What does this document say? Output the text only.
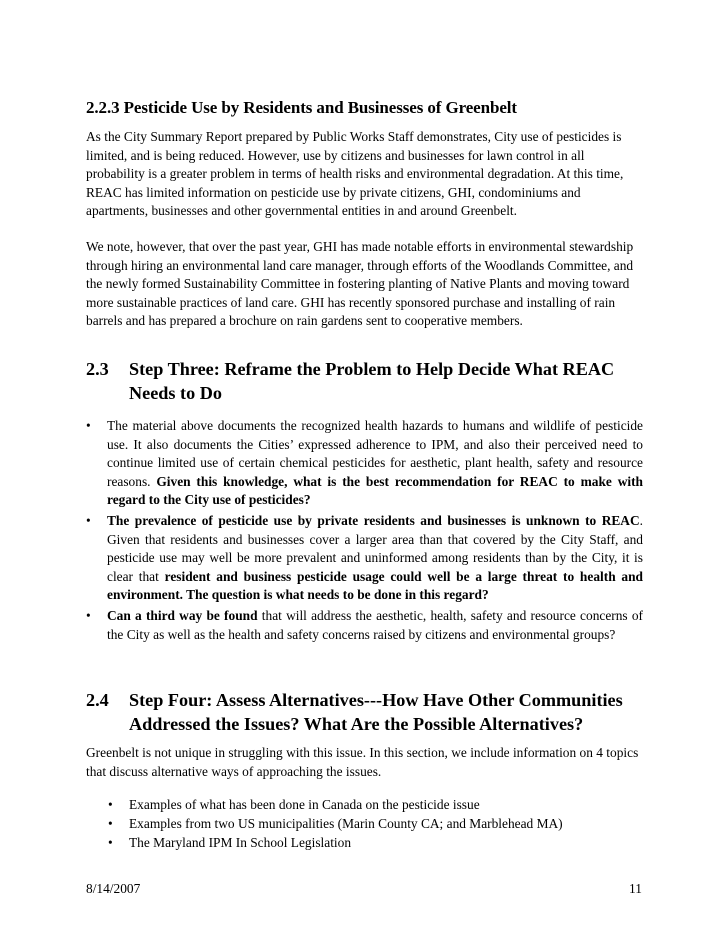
2.2.3 Pesticide Use by Residents and Businesses of Greenbelt
As the City Summary Report prepared by Public Works Staff demonstrates, City use of pesticides is limited, and is being reduced. However, use by citizens and businesses for lawn control in all probability is a greater problem in terms of health risks and environmental degradation. At this time, REAC has limited information on pesticide use by private citizens, GHI, condominiums and apartments, businesses and other governmental entities in and around Greenbelt.
We note, however, that over the past year, GHI has made notable efforts in environmental stewardship through hiring an environmental land care manager, through efforts of the Woodlands Committee, and the newly formed Sustainability Committee in fostering planting of Native Plants and moving toward more sustainable practices of land care. GHI has recently sponsored purchase and installing of rain barrels and has prepared a brochure on rain gardens sent to cooperative members.
2.3 Step Three: Reframe the Problem to Help Decide What REAC Needs to Do
•	The material above documents the recognized health hazards to humans and wildlife of pesticide use. It also documents the Cities’ expressed adherence to IPM, and also their perceived need to continue limited use of certain chemical pesticides for aesthetic, plant health, safety and resource reasons. Given this knowledge, what is the best recommendation for REAC to make with regard to the City use of pesticides?
•	The prevalence of pesticide use by private residents and businesses is unknown to REAC. Given that residents and businesses cover a larger area than that covered by the City Staff, and pesticide use may well be more prevalent and uninformed among residents than by the City, it is clear that resident and business pesticide usage could well be a large threat to health and environment. The question is what needs to be done in this regard?
•	Can a third way be found that will address the aesthetic, health, safety and resource concerns of the City as well as the health and safety concerns raised by citizens and environmental groups?
2.4 Step Four: Assess Alternatives---How Have Other Communities Addressed the Issues? What Are the Possible Alternatives?
Greenbelt is not unique in struggling with this issue. In this section, we include information on 4 topics that discuss alternative ways of approaching the issues.
• Examples of what has been done in Canada on the pesticide issue
• Examples from two US municipalities (Marin County CA; and Marblehead MA)
• The Maryland IPM In School Legislation
8/14/2007	11
